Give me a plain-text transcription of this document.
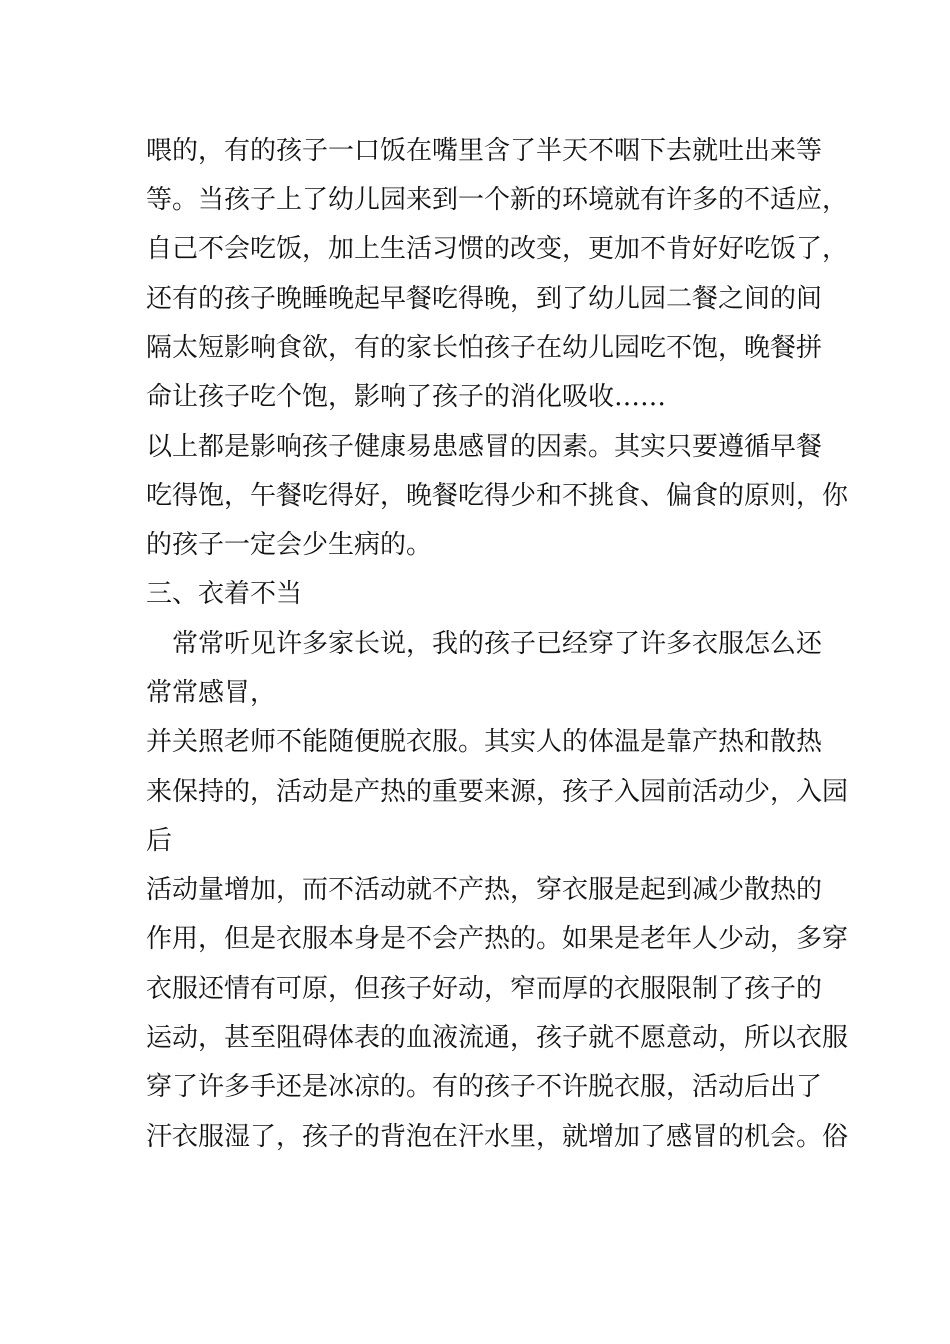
喂的，有的孩子一口饭在嘴里含了半天不咽下去就吐出来等

等。当孩子上了幼儿园来到一个新的环境就有许多的不适应，

自己不会吃饭，加上生活习惯的改变，更加不肯好好吃饭了，

还有的孩子晚睡晚起早餐吃得晚，到了幼儿园二餐之间的间

隔太短影响食欲，有的家长怕孩子在幼儿园吃不饱，晚餐拼

命让孩子吃个饱，影响了孩子的消化吸收……

以上都是影响孩子健康易患感冒的因素。其实只要遵循早餐

吃得饱，午餐吃得好，晚餐吃得少和不挑食、偏食的原则，你

的孩子一定会少生病的。

三、衣着不当

常常听见许多家长说，我的孩子已经穿了许多衣服怎么还

常常感冒，

并关照老师不能随便脱衣服。其实人的体温是靠产热和散热

来保持的，活动是产热的重要来源，孩子入园前活动少，入园

后

活动量增加，而不活动就不产热，穿衣服是起到减少散热的

作用，但是衣服本身是不会产热的。如果是老年人少动，多穿

衣服还情有可原，但孩子好动，窄而厚的衣服限制了孩子的

运动，甚至阻碍体表的血液流通，孩子就不愿意动，所以衣服

穿了许多手还是冰凉的。有的孩子不许脱衣服，活动后出了

汗衣服湿了，孩子的背泡在汗水里，就增加了感冒的机会。俗
